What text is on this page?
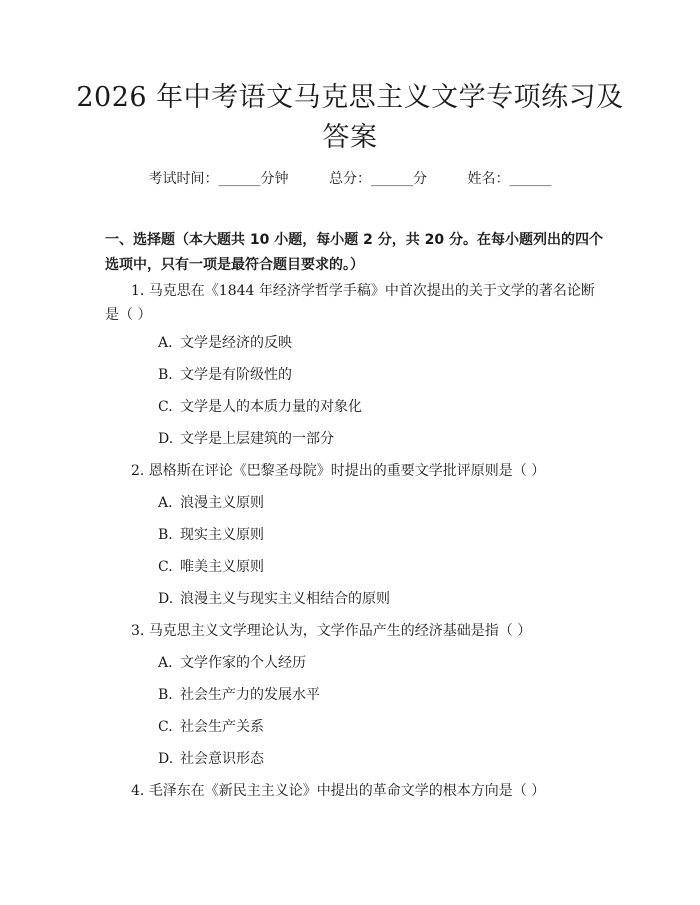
2026 年中考语文马克思主义文学专项练习及
答案
考试时间：______分钟	总分：______分	姓名：______
一、选择题（本大题共 10 小题，每小题 2 分，共 20 分。在每小题列出的四个选项中，只有一项是最符合题目要求的。）
1. 马克思在《1844 年经济学哲学手稿》中首次提出的关于文学的著名论断是（ ）
A. 文学是经济的反映
B. 文学是有阶级性的
C. 文学是人的本质力量的对象化
D. 文学是上层建筑的一部分
2. 恩格斯在评论《巴黎圣母院》时提出的重要文学批评原则是（ ）
A. 浪漫主义原则
B. 现实主义原则
C. 唯美主义原则
D. 浪漫主义与现实主义相结合的原则
3. 马克思主义文学理论认为，文学作品产生的经济基础是指（ ）
A. 文学作家的个人经历
B. 社会生产力的发展水平
C. 社会生产关系
D. 社会意识形态
4. 毛泽东在《新民主主义论》中提出的革命文学的根本方向是（ ）
